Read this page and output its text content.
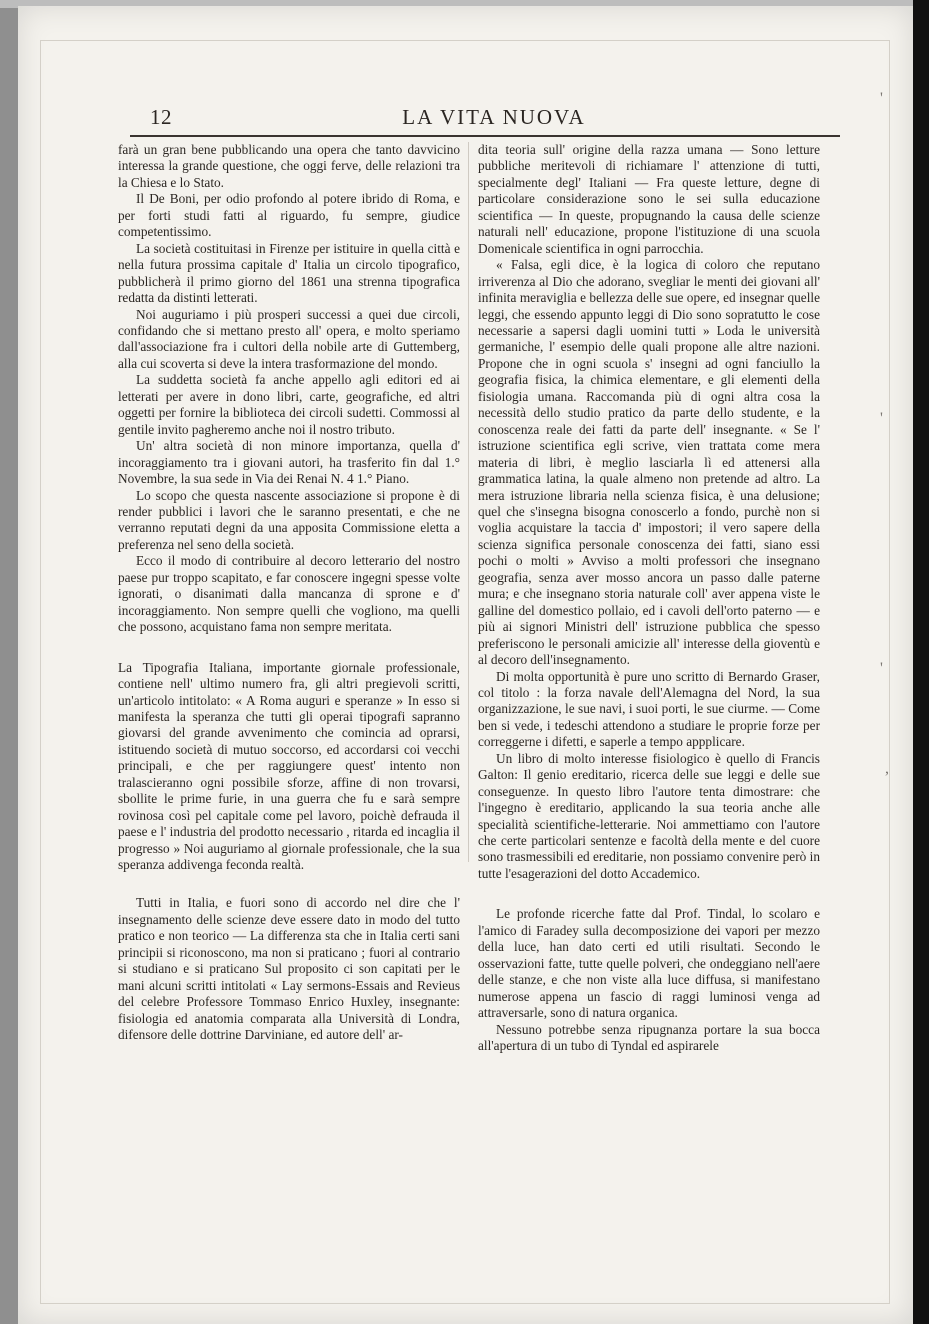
12	LA VITA NUOVA

farà un gran bene pubblicando una opera che tanto davvicino interessa la grande questione, che oggi ferve, delle relazioni tra la Chiesa e lo Stato.

Il De Boni, per odio profondo al potere ibrido di Roma, e per forti studi fatti al riguardo, fu sempre, giudice competentissimo.

La società costituitasi in Firenze per istituire in quella città e nella futura prossima capitale d' Italia un circolo tipografico, pubblicherà il primo giorno del 1861 una strenna tipografica redatta da distinti letterati.

Noi auguriamo i più prosperi successi a quei due circoli, confidando che si mettano presto all' opera, e molto speriamo dall'associazione fra i cultori della nobile arte di Guttemberg, alla cui scoverta si deve la intera trasformazione del mondo.

La suddetta società fa anche appello agli editori ed ai letterati per avere in dono libri, carte, geografiche, ed altri oggetti per fornire la biblioteca dei circoli sudetti. Commossi al gentile invito pagheremo anche noi il nostro tributo.

Un' altra società di non minore importanza, quella d' incoraggiamento tra i giovani autori, ha trasferito fin dal 1.° Novembre, la sua sede in Via dei Renai N. 4 1.° Piano.

Lo scopo che questa nascente associazione si propone è di render pubblici i lavori che le saranno presentati, e che ne verranno reputati degni da una apposita Commissione eletta a preferenza nel seno della società.

Ecco il modo di contribuire al decoro letterario del nostro paese pur troppo scapitato, e far conoscere ingegni spesse volte ignorati, o disanimati dalla mancanza di sprone e d' incoraggiamento. Non sempre quelli che vogliono, ma quelli che possono, acquistano fama non sempre meritata.

La Tipografia Italiana, importante giornale professionale, contiene nell' ultimo numero fra, gli altri pregievoli scritti, un'articolo intitolato: « A Roma auguri e speranze » In esso si manifesta la speranza che tutti gli operai tipografi sapranno giovarsi del grande avvenimento che comincia ad oprarsi, istituendo società di mutuo soccorso, ed accordarsi coi vecchi principali, e che per raggiungere quest' intento non tralascieranno ogni possibile sforze, affine di non trovarsi, sbollite le prime furie, in una guerra che fu e sarà sempre rovinosa così pel capitale come pel lavoro, poichè defrauda il paese e l' industria del prodotto necessario , ritarda ed incaglia il progresso » Noi auguriamo al giornale professionale, che la sua speranza addivenga feconda realtà.

Tutti in Italia, e fuori sono di accordo nel dire che l' insegnamento delle scienze deve essere dato in modo del tutto pratico e non teorico — La differenza sta che in Italia certi sani principii si riconoscono, ma non si praticano ; fuori al contrario si studiano e si praticano Sul proposito ci son capitati per le mani alcuni scritti intitolati « Lay sermons-Essais and Revieus del celebre Professore Tommaso Enrico Huxley, insegnante: fisiologia ed anatomia comparata alla Università di Londra, difensore delle dottrine Darviniane, ed autore dell' ar-

dita teoria sull' origine della razza umana — Sono letture pubbliche meritevoli di richiamare l' attenzione di tutti, specialmente degl' Italiani — Fra queste letture, degne di particolare considerazione sono le sei sulla educazione scientifica — In queste, propugnando la causa delle scienze naturali nell' educazione, propone l'istituzione di una scuola Domenicale scientifica in ogni parrocchia.

« Falsa, egli dice, è la logica di coloro che reputano irriverenza al Dio che adorano, svegliar le menti dei giovani all' infinita meraviglia e bellezza delle sue opere, ed insegnar quelle leggi, che essendo appunto leggi di Dio sono sopratutto le cose necessarie a sapersi dagli uomini tutti » Loda le università germaniche, l' esempio delle quali propone alle altre nazioni. Propone che in ogni scuola s' insegni ad ogni fanciullo la geografia fisica, la chimica elementare, e gli elementi della fisiologia umana. Raccomanda più di ogni altra cosa la necessità dello studio pratico da parte dello studente, e la conoscenza reale dei fatti da parte dell' insegnante. « Se l' istruzione scientifica egli scrive, vien trattata come mera materia di libri, è meglio lasciarla lì ed attenersi alla grammatica latina, la quale almeno non pretende ad altro. La mera istruzione libraria nella scienza fisica, è una delusione; quel che s'insegna bisogna conoscerlo a fondo, purchè non si voglia acquistare la taccia d' impostori; il vero sapere della scienza significa personale conoscenza dei fatti, siano essi pochi o molti » Avviso a molti professori che insegnano geografia, senza aver mosso ancora un passo dalle paterne mura; e che insegnano storia naturale coll' aver appena viste le galline del domestico pollaio, ed i cavoli dell'orto paterno — e più ai signori Ministri dell' istruzione pubblica che spesso preferiscono le personali amicizie all' interesse della gioventù e al decoro dell'insegnamento.

Di molta opportunità è pure uno scritto di Bernardo Graser, col titolo : la forza navale dell'Alemagna del Nord, la sua organizzazione, le sue navi, i suoi porti, le sue ciurme. — Come ben si vede, i tedeschi attendono a studiare le proprie forze per correggerne i difetti, e saperle a tempo appplicare.

Un libro di molto interesse fisiologico è quello di Francis Galton: Il genio ereditario, ricerca delle sue leggi e delle sue conseguenze. In questo libro l'autore tenta dimostrare: che l'ingegno è ereditario, applicando la sua teoria anche alle specialità scientifiche-letterarie. Noi ammettiamo con l'autore che certe particolari sentenze e facoltà della mente e del cuore sono trasmessibili ed ereditarie, non possiamo convenire però in tutte l'esagerazioni del dotto Accademico.

Le profonde ricerche fatte dal Prof. Tindal, lo scolaro e l'amico di Faradey sulla decomposizione dei vapori per mezzo della luce, han dato certi ed utili risultati. Secondo le osservazioni fatte, tutte quelle polveri, che ondeggiano nell'aere delle stanze, e che non viste alla luce diffusa, si manifestano numerose appena un fascio di raggi luminosi venga ad attraversarle, sono di natura organica.

Nessuno potrebbe senza ripugnanza portare la sua bocca all'apertura di un tubo di Tyndal ed aspirarele

'
'
'
,
